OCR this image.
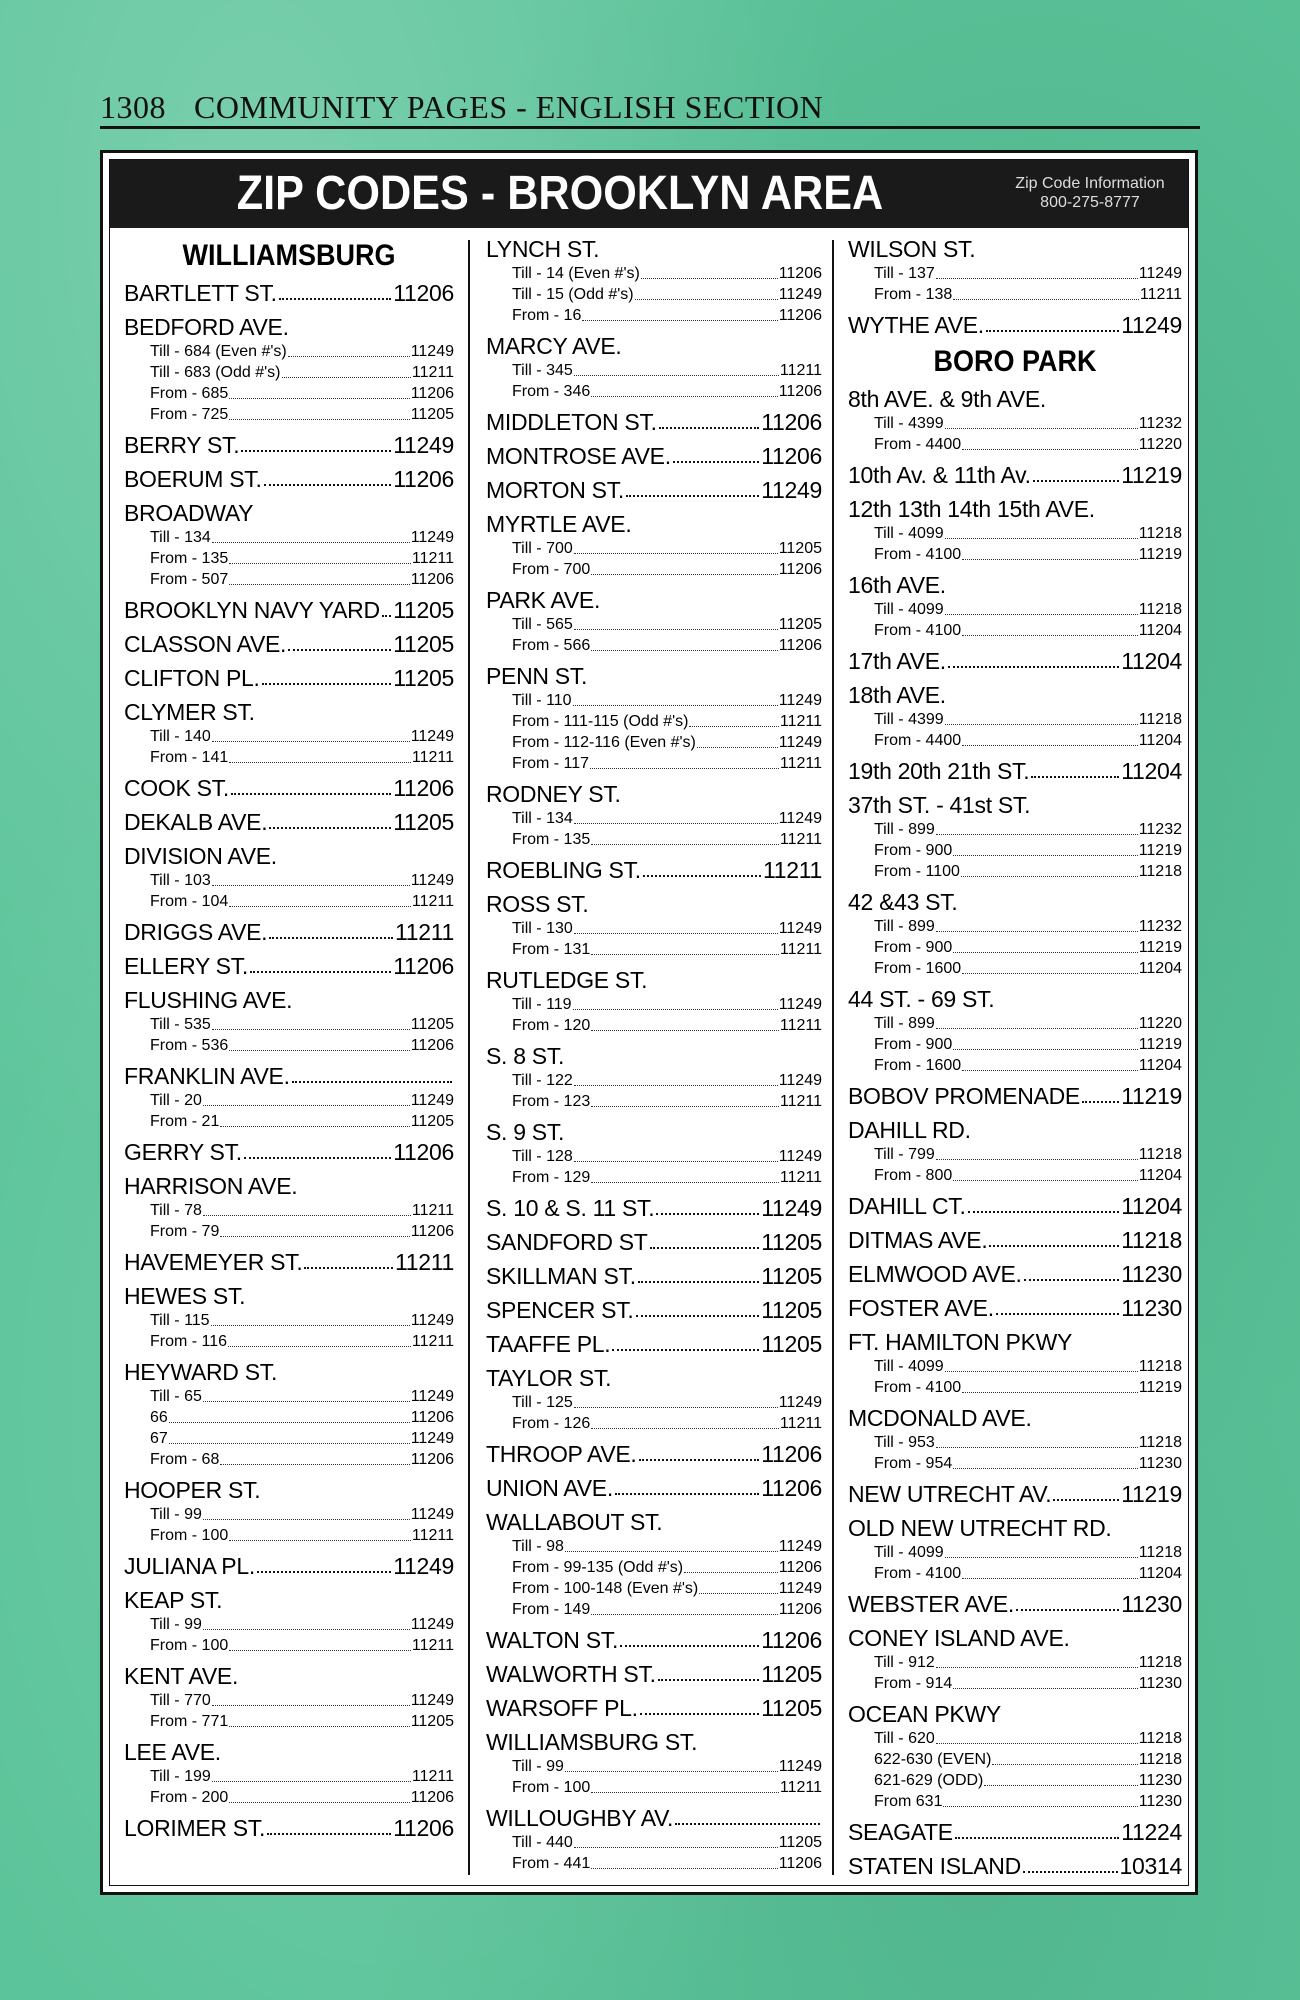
1308 COMMUNITY PAGES - ENGLISH SECTION
ZIP CODES - BROOKLYN AREA	Zip Code Information
800-275-8777
WILLIAMSBURG
BARTLETT ST.	11206
BEDFORD AVE.
Till - 684 (Even #'s)	11249
Till - 683 (Odd #'s)	11211
From - 685	11206
From - 725	11205
BERRY ST.	11249
BOERUM ST.	11206
BROADWAY
Till - 134	11249
From - 135	11211
From - 507	11206
BROOKLYN NAVY YARD 11205
CLASSON AVE.	11205
CLIFTON PL.	11205
CLYMER ST.
Till - 140	11249
From - 141	11211
COOK ST.	11206
DEKALB AVE.	11205
DIVISION AVE.
Till - 103	11249
From - 104	11211
DRIGGS AVE.	11211
ELLERY ST.	11206
FLUSHING AVE.
Till - 535	11205
From - 536	11206
FRANKLIN AVE.
Till - 20	11249
From - 21	11205
GERRY ST.	11206
HARRISON AVE.
Till - 78	11211
From - 79	11206
HAVEMEYER ST.	11211
HEWES ST.
Till - 115	11249
From - 116	11211
HEYWARD ST.
Till - 65	11249
66	11206
67	11249
From - 68	11206
HOOPER ST.
Till - 99	11249
From - 100	11211
JULIANA PL.	11249
KEAP ST.
Till - 99	11249
From - 100	11211
KENT AVE.
Till - 770	11249
From - 771	11205
LEE AVE.
Till - 199	11211
From - 200	11206
LORIMER ST.	11206
LYNCH ST.
Till - 14 (Even #'s)	11206
Till - 15 (Odd #'s)	11249
From - 16	11206
MARCY AVE.
Till - 345	11211
From - 346	11206
MIDDLETON ST.	11206
MONTROSE AVE.	11206
MORTON ST.	11249
MYRTLE AVE.
Till - 700	11205
From - 700	11206
PARK AVE.
Till - 565	11205
From - 566	11206
PENN ST.
Till - 110	11249
From - 111-115 (Odd #'s)	11211
From - 112-116 (Even #'s)	11249
From - 117	11211
RODNEY ST.
Till - 134	11249
From - 135	11211
ROEBLING ST.	11211
ROSS ST.
Till - 130	11249
From - 131	11211
RUTLEDGE ST.
Till - 119	11249
From - 120	11211
S. 8 ST.
Till - 122	11249
From - 123	11211
S. 9 ST.
Till - 128	11249
From - 129	11211
S. 10 & S. 11 ST.	11249
SANDFORD ST	11205
SKILLMAN ST.	11205
SPENCER ST.	11205
TAAFFE PL.	11205
TAYLOR ST.
Till - 125	11249
From - 126	11211
THROOP AVE.	11206
UNION AVE.	11206
WALLABOUT ST.
Till - 98	11249
From - 99-135 (Odd #'s)	11206
From - 100-148 (Even #'s)	11249
From - 149	11206
WALTON ST.	11206
WALWORTH ST.	11205
WARSOFF PL.	11205
WILLIAMSBURG ST.
Till - 99	11249
From - 100	11211
WILLOUGHBY AV.
Till - 440	11205
From - 441	11206
WILSON ST.
Till - 137	11249
From - 138	11211
WYTHE AVE.	11249
BORO PARK
8th AVE. & 9th AVE.
Till - 4399	11232
From - 4400	11220
10th Av. & 11th Av.	11219
12th 13th 14th 15th AVE.
Till - 4099	11218
From - 4100	11219
16th AVE.
Till - 4099	11218
From - 4100	11204
17th AVE.	11204
18th AVE.
Till - 4399	11218
From - 4400	11204
19th 20th 21th ST.	11204
37th ST. - 41st ST.
Till - 899	11232
From - 900	11219
From - 1100	11218
42 &43 ST.
Till - 899	11232
From - 900	11219
From - 1600	11204
44 ST. - 69 ST.
Till - 899	11220
From - 900	11219
From - 1600	11204
BOBOV PROMENADE 11219
DAHILL RD.
Till - 799	11218
From - 800	11204
DAHILL CT.	11204
DITMAS AVE.	11218
ELMWOOD AVE.	11230
FOSTER AVE.	11230
FT. HAMILTON PKWY
Till - 4099	11218
From - 4100	11219
MCDONALD AVE.
Till - 953	11218
From - 954	11230
NEW UTRECHT AV.	11219
OLD NEW UTRECHT RD.
Till - 4099	11218
From - 4100	11204
WEBSTER AVE.	11230
CONEY ISLAND AVE.
Till - 912	11218
From - 914	11230
OCEAN PKWY
Till - 620	11218
622-630 (EVEN)	11218
621-629 (ODD)	11230
From 631	11230
SEAGATE	11224
STATEN ISLAND	10314
